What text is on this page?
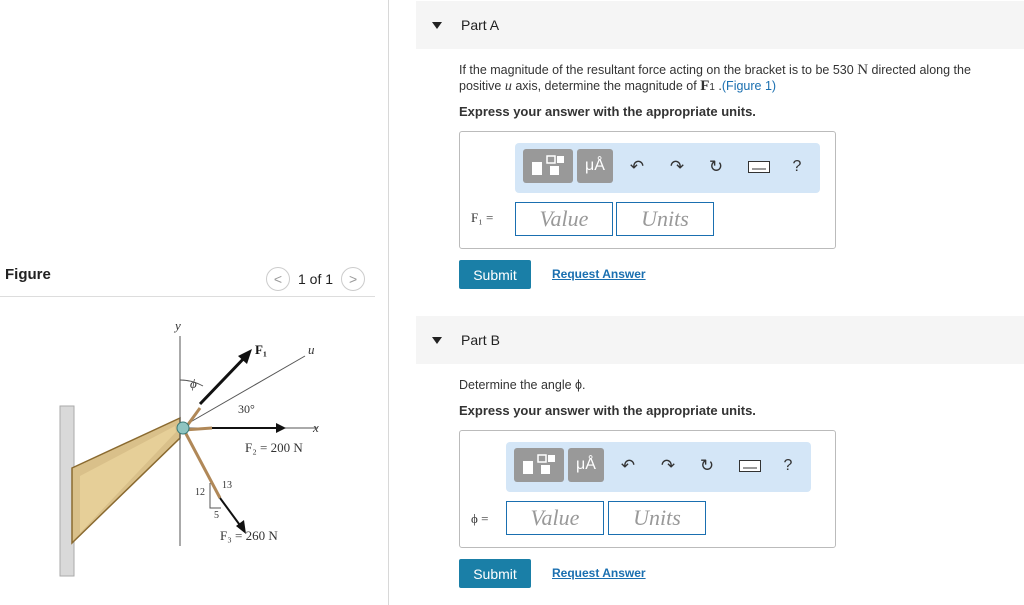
Figure	<	1 of 1	>
y
x
u
ϕ
F₁
30°
F₂ = 200 N
F₃ = 260 N
12
13
5
Part A
If the magnitude of the resultant force acting on the bracket is to be 530 N directed along the
positive u axis, determine the magnitude of F1 .(Figure 1)
Express your answer with the appropriate units.
μÅ	↶ ↷ ↻	?
F₁ =	Value	Units
Submit	Request Answer
Part B
Determine the angle ϕ.
Express your answer with the appropriate units.
μÅ	↶ ↷ ↻	?
ϕ =	Value	Units
Submit	Request Answer
